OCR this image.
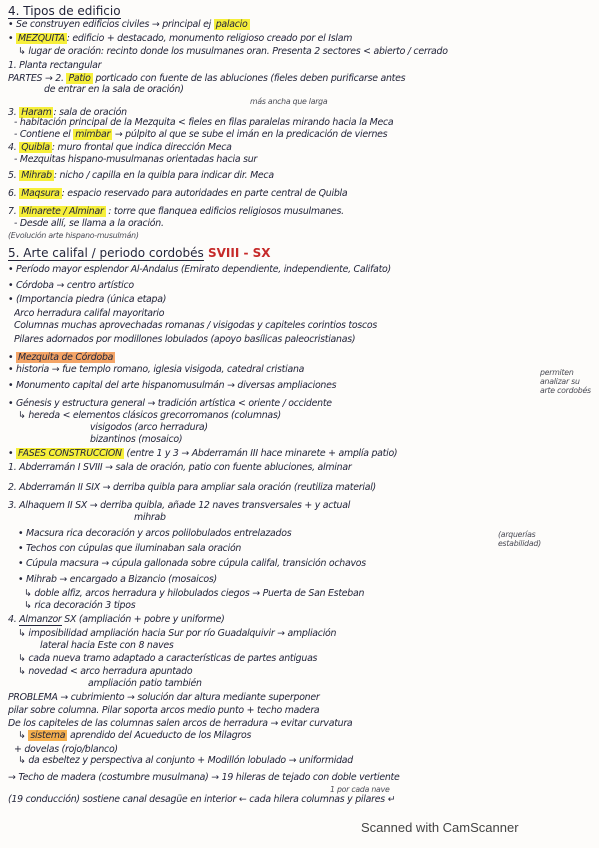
4. Tipos de edificio
• Se construyen edificios civiles → principal ej palacio
• MEZQUITA : edificio + destacado, monumento religioso creado por el Islam
↳ lugar de oración: recinto donde los musulmanes oran. Presenta 2 sectores < abierto / cerrado
1. Planta rectangular
PARTES → 2. Patio porticado con fuente de las abluciones (fieles deben purificarse antes
de entrar en la sala de oración)
más ancha que larga
3. Haram : sala de oración
- habitación principal de la Mezquita < fieles en filas paralelas mirando hacia la Meca
- Contiene el mimbar → púlpito al que se sube el imán en la predicación de viernes
4. Quibla : muro frontal que indica dirección Meca
- Mezquitas hispano-musulmanas orientadas hacia sur
5. Mihrab : nicho / capilla en la quibla para indicar dir. Meca
6. Maqsura : espacio reservado para autoridades en parte central de Quibla
7. Minarete / Alminar : torre que flanquea edificios religiosos musulmanes.
- Desde allí, se llama a la oración.
(Evolución arte hispano-musulmán)
5. Arte califal / periodo cordobés SVIII - SX
• Período mayor esplendor Al-Ándalus (Emirato dependiente, independiente, Califato)
• Córdoba → centro artístico
• (Importancia piedra (única etapa)
Arco herradura califal mayoritario
Columnas muchas aprovechadas romanas / visigodas y capiteles corintios toscos
Pilares adornados por modillones lobulados (apoyo basílicas paleocristianas)
• Mezquita de Córdoba
• historia → fue templo romano, iglesia visigoda, catedral cristiana
• Monumento capital del arte hispanomusulmán → diversas ampliaciones
• Génesis y estructura general → tradición artística < oriente / occidente
↳ hereda < elementos clásicos grecorromanos (columnas)
visigodos (arco herradura)
bizantinos (mosaico)
• FASES CONSTRUCCIÓN (entre 1 y 3 → Abderramán III hace minarete + amplía patio)
1. Abderramán I SVIII → sala de oración, patio con fuente abluciones, alminar
2. Abderramán II SIX → derriba quibla para ampliar sala oración (reutiliza material)
3. Alhaquem II SX → derriba quibla, añade 12 naves transversales + y actual
mihrab
• Macsura rica decoración y arcos polilobulados entrelazados
• Techos con cúpulas que iluminaban sala oración
• Cúpula macsura → cúpula gallonada sobre cúpula califal, transición ochavos
• Mihrab → encargado a Bizancio (mosaicos)
↳ doble alfiz, arcos herradura y hilobulados ciegos → Puerta de San Esteban
↳ rica decoración 3 tipos
4. Almanzor SX (ampliación + pobre y uniforme)
↳ imposibilidad ampliación hacia Sur por río Guadalquivir → ampliación
lateral hacia Este con 8 naves
↳ cada nueva tramo adaptado a características de partes antiguas
↳ novedad < arco herradura apuntado
ampliación patio también
PROBLEMA → cubrimiento → solución dar altura mediante superponer
pilar sobre columna. Pilar soporta arcos medio punto + techo madera
De los capiteles de las columnas salen arcos de herradura → evitar curvatura
↳ sistema aprendido del Acueducto de los Milagros
+ dovelas (rojo/blanco)
↳ da esbeltez y perspectiva al conjunto + Modillón lobulado → uniformidad
→ Techo de madera (costumbre musulmana) → 19 hileras de tejado con doble vertiente
1 por cada nave
(19 conducción) sostiene canal desagüe en interior ← cada hilera columnas y pilares ↵
permiten analizar su arte cordobés
(arquerías estabilidad)
Scanned with CamScanner
